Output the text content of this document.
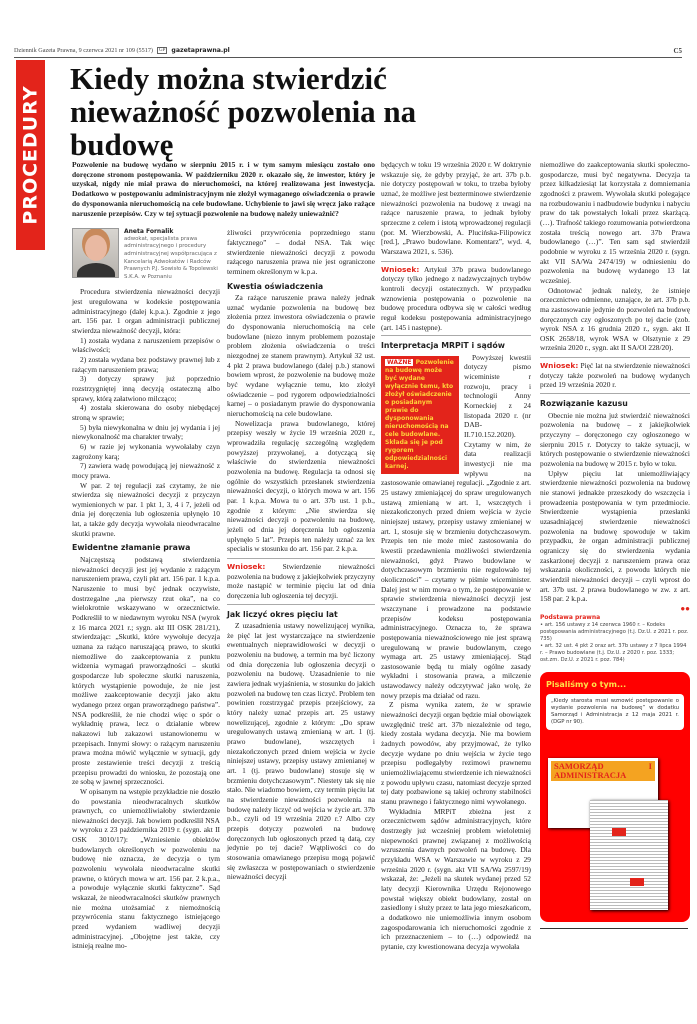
Dziennik Gazeta Prawna, 9 czerwca 2021 nr 109 (5517)	GP gazetaprawna.pl	C5
PROCEDURY
Kiedy można stwierdzić nieważność pozwolenia na budowę
Pozwolenie na budowę wydano w sierpniu 2015 r. i w tym samym miesiącu zostało ono doręczone stronom postępowania. W październiku 2020 r. okazało się, że inwestor, który je uzyskał, nigdy nie miał prawa do nieruchomości, na której realizowana jest inwestycja. Dodatkowo w postępowaniu administracyjnym nie złożył wymaganego oświadczenia o prawie do dysponowania nieruchomością na cele budowlane. Uchybienie to jawi się wręcz jako rażące naruszenie przepisów. Czy w tej sytuacji pozwolenie na budowę należy unieważnić?
Aneta Fornalik
adwokat, specjalista prawa administracyjnego i procedury administracyjnej współpracująca z Kancelarią Adwokatów i Radców Prawnych P.J. Sowisło & Topolewski S.K.A. w Poznaniu

Procedura stwierdzenia nieważności decyzji jest uregulowana w kodeksie postępowania administracyjnego (dalej k.p.a.). Zgodnie z jego art. 156 par. 1 organ administracji publicznej stwierdza nieważność decyzji, która:

1) została wydana z naruszeniem przepisów o właściwości;

2) została wydana bez podstawy prawnej lub z rażącym naruszeniem prawa;

3) dotyczy sprawy już poprzednio rozstrzygniętej inną decyzją ostateczną albo sprawy, którą załatwiono milcząco;

4) została skierowana do osoby niebędącej stroną w sprawie;

5) była niewykonalna w dniu jej wydania i jej niewykonalność ma charakter trwały;

6) w razie jej wykonania wywołałaby czyn zagrożony karą;

7) zawiera wadę powodującą jej nieważność z mocy prawa.

W par. 2 tej regulacji zaś czytamy, że nie stwierdza się nieważności decyzji z przyczyn wymienionych w par. 1 pkt 1, 3, 4 i 7, jeżeli od dnia jej doręczenia lub ogłoszenia upłynęło 10 lat, a także gdy decyzja wywołała nieodwracalne skutki prawne.

Ewidentne złamanie prawa

Najczęstszą podstawą stwierdzenia nieważności decyzji jest jej wydanie z rażącym naruszeniem prawa, czyli pkt art. 156 par. 1 k.p.a. Naruszenie to musi być jednak oczywiste, dostrzegalne „na pierwszy rzut oka”, na co wielokrotnie wskazywano w orzecznictwie. Podkreślił to w niedawnym wyroku NSA (wyrok z 16 marca 2021 r.; sygn. akt III OSK 281/21), stwierdzając: „Skutki, które wywołuje decyzja uznana za rażąco naruszającą prawo, to skutki niemożliwe do zaakceptowania z punktu widzenia wymagań praworządności – skutki gospodarcze lub społeczne skutki naruszenia, których wystąpienie powoduje, że nie jest możliwe zaakceptowanie decyzji jako aktu wydanego przez organ praworządnego państwa”. NSA podkreślił, że nie chodzi więc o spór o wykładnię prawa, lecz o działanie wbrew nakazowi lub zakazowi ustanowionemu w przepisach. Innymi słowy: o rażącym naruszeniu prawa można mówić wyłącznie w sytuacji, gdy proste zestawienie treści decyzji z treścią przepisu prowadzi do wniosku, że pozostają one ze sobą w jawnej sprzeczności.

W opisanym na wstępie przykładzie nie doszło do powstania nieodwracalnych skutków prawnych, co uniemożliwiałoby stwierdzenie nieważności decyzji. Jak bowiem podkreślił NSA w wyroku z 23 października 2019 r. (sygn. akt II OSK 3010/17): „Wzniesienie obiektów budowlanych określonych w pozwoleniu na budowę nie oznacza, że decyzja o tym pozwoleniu wywołała nieodwracalne skutki prawne, o których mowa w art. 156 par. 2 k.p.a., a powoduje wyłącznie skutki faktyczne”. Sąd wskazał, że nieodwracalności skutków prawnych nie można utożsamiać z niemożnością przywrócenia stanu faktycznego istniejącego przed wydaniem wadliwej decyzji administracyjnej. „Obojętne jest także, czy istnieją realne mo-

żliwości przywrócenia poprzedniego stanu faktycznego” – dodał NSA. Tak więc stwierdzenie nieważności decyzji z powodu rażącego naruszenia prawa nie jest ograniczone terminem określonym w k.p.a.

Kwestia oświadczenia

Za rażące naruszenie prawa należy jednak uznać wydanie pozwolenia na budowę bez złożenia przez inwestora oświadczenia o prawie do dysponowania nieruchomością na cele budowlane (niezo innym problemem pozostaje problem złożenia oświadczenia o treści niezgodnej ze stanem prawnym). Artykuł 32 ust. 4 pkt 2 prawa budowlanego (dalej p.b.) stanowi bowiem wprost, że pozwolenie na budowę może być wydane wyłącznie temu, kto złożył oświadczenie – pod rygorem odpowiedzialności karnej – o posiadanym prawie do dysponowania nieruchomością na cele budowlane.

Nowelizacja prawa budowlanego, której przepisy weszły w życie 19 września 2020 r., wprowadziła regulację szczególną względem powyższej przywołanej, a dotyczącą się właściwie do stwierdzenia nieważności pozwolenia na budowę. Regulacja ta odnosi się ogólnie do wszystkich przesłanek stwierdzenia nieważności decyzji, o których mowa w art. 156 par. 1 k.p.a. Mowa tu o art. 37b ust. 1 p.b., zgodnie z którym: „Nie stwierdza się nieważności decyzji o pozwoleniu na budowę, jeżeli od dnia jej doręczenia lub ogłoszenia upłynęło 5 lat”. Przepis ten należy uznać za lex specialis w stosunku do art. 156 par. 2 k.p.a.

Wniosek: Stwierdzenie nieważności pozwolenia na budowę z jakiejkolwiek przyczyny może nastąpić w terminie pięciu lat od dnia doręczenia lub ogłoszenia tej decyzji.
Jak liczyć okres pięciu lat

Z uzasadnienia ustawy nowelizującej wynika, że pięć lat jest wystarczające na stwierdzenie ewentualnych nieprawidłowości w decyzji o pozwoleniu na budowę, a termin ma być liczony od dnia doręczenia lub ogłoszenia decyzji o pozwoleniu na budowę. Uzasadnienie to nie zawiera jednak wyjaśnienia, w stosunku do jakich pozwoleń na budowę ten czas liczyć. Problem ten powinien rozstrzygać przepis przejściowy, za który należy uznać przepis art. 25 ustawy nowelizującej, zgodnie z którym: „Do spraw uregulowanych ustawą zmienianą w art. 1 (tj. prawo budowlane), wszczętych i niezakończonych przed dniem wejścia w życie niniejszej ustawy, przepisy ustawy zmienianej w art. 1 (tj. prawo budowlane) stosuje się w brzmieniu dotychczasowym”. Niestety tak się nie stało. Nie wiadomo bowiem, czy termin pięciu lat na stwierdzenie nieważności pozwolenia na budowę należy liczyć od wejścia w życie art. 37b p.b., czyli od 19 września 2020 r.? Albo czy przepis dotyczy pozwoleń na budowę doręczonych lub ogłoszonych przed tą datą, czy jedynie po tej dacie? Wątpliwości co do stosowania omawianego przepisu mogą pojawić się zwłaszcza w postępowaniach o stwierdzenie nieważności decyzji

będących w toku 19 września 2020 r. W doktrynie wskazuje się, że gdyby przyjąć, że art. 37b p.b. nie dotyczy postępowań w toku, to trzeba byłoby uznać, że możliwe jest bezterminowe stwierdzenie nieważności pozwolenia na budowę z uwagi na rażące naruszenie prawa, to jednak byłoby sprzeczne z celem i istotą wprowadzonej regulacji (por. M. Wierzbowski, A. Plucińska-Filipowicz [red.], „Prawo budowlane. Komentarz”, wyd. 4, Warszawa 2021, s. 536).

Wniosek: Artykuł 37b prawa budowlanego dotyczy tylko jednego z nadzwyczajnych trybów kontroli decyzji ostatecznych. W przypadku wznowienia postępowania o pozwolenie na budowę procedura odbywa się w całości według reguł kodeksu postępowania administracyjnego (art. 145 i następne).
Interpretacja MRPiT i sądów
WAŻNE Pozwolenie na budowę może być wydane wyłącznie temu, kto złożył oświadczenie o posiadanym prawie do dysponowania nieruchomością na cele budowlane. Składa się je pod rygorem odpowiedzialności karnej.

Powyższej kwestii dotyczy pismo wiceministe r rozwoju, pracy i technologii Anny Korneckiej z 24 listopada 2020 r. (nr DAB-II.710.152.2020). Czytamy w nim, że data realizacji inwestycji nie ma wpływu na zastosowanie omawianej regulacji. „Zgodnie z art. 25 ustawy zmieniającej do spraw uregulowanych ustawą zmienianą w art. 1, wszczętych i niezakończonych przed dniem wejścia w życie niniejszej ustawy, przepisy ustawy zmienianej w art. 1, stosuje się w brzmieniu dotychczasowym. Przepis ten nie może mieć zastosowania do kwestii przedawnienia możliwości stwierdzenia nieważności, gdyż Prawo budowlane w dotychczasowym brzmieniu nie regulowało tej okoliczności” – czytamy w piśmie wiceminister. Dalej jest w nim mowa o tym, że postępowanie w sprawie stwierdzenia nieważności decyzji jest wszczynane i prowadzone na podstawie przepisów kodeksu postępowania administracyjnego. Oznacza to, że sprawa postępowania nieważnościowego nie jest sprawą uregulowaną w prawie budowlanym, czego wymaga art. 25 ustawy zmieniającej. Stąd zastosowanie będą tu miały ogólne zasady wykładni i stosowania prawa, a milczenie ustawodawcy należy odczytywać jako wolę, że nowy przepis ma działać od razu.

Z pisma wynika zatem, że w sprawie nieważności decyzji organ będzie miał obowiązek uwzględnić treść art. 37b niezależnie od tego, kiedy została wydana decyzja. Nie ma bowiem żadnych powodów, aby przyjmować, że tylko decyzje wydane po dniu wejścia w życie tego przepisu podlegałyby rezimowi prawnemu uniemożliwiającemu stwierdzenie ich nieważności z powodu upływu czasu, natomiast decyzje sprzed tej daty pozbawione są takiej ochrony stabilności stanu prawnego i faktycznego nimi wywołanego.

Wykładnia MRPiT zbieżna jest z orzecznictwem sądów administracyjnych, które dostrzegły już wcześniej problem wieloletniej niepewności prawnej związanej z możliwością wzruszenia dawnych pozwoleń na budowę. Dla przykładu WSA w Warszawie w wyroku z 29 września 2020 r. (sygn. akt VII SA/Wa 2597/19) wskazał, że: „Jeżeli na skutek wydanej przed 52 laty decyzji Kierownika Urzędu Rejonowego powstał większy obiekt budowlany, został on zasiedlony i służy przez te lata jego mieszkańcom, a dodatkowo nie uniemożliwia innym osobom zagospodarowania ich nieruchomości zgodnie z ich przeznaczeniem – to (…) odpowiedź na pytanie, czy kwestionowana decyzja wywołała

niemożliwe do zaakceptowania skutki społeczno-gospodarcze, musi być negatywna. Decyzja ta przez kilkadziesiąt lat korzystała z domniemania zgodności z prawem. Wywołała skutki polegające na rozbudowaniu i nadbudowie budynku i nabyciu praw do tak powstałych lokali przez skarżącą. (…). Trafność takiego rozumowania potwierdzona została treścią nowego art. 37b Prawa budowlanego (…)”. Ten sam sąd stwierdził podobnie w wyroku z 15 września 2020 r. (sygn. akt VII SA/Wa 2474/19) w odniesieniu do pozwolenia na budowę wydanego 13 lat wcześniej.

Odnotować jednak należy, że istnieje orzecznictwo odmienne, uznające, że art. 37b p.b. ma zastosowanie jedynie do pozwoleń na budowę doręczonych czy ogłoszonych po tej dacie (zob. wyrok NSA z 16 grudnia 2020 r., sygn. akt II OSK 2658/18, wyrok WSA w Olsztynie z 29 września 2020 r., sygn. akt II SA/Ol 228/20).

Wniosek: Pięć lat na stwierdzenie nieważności dotyczy także pozwoleń na budowę wydanych przed 19 września 2020 r.
Rozwiązanie kazusu

Obecnie nie można już stwierdzić nieważności pozwolenia na budowę – z jakiejkolwiek przyczyny – doręczonego czy ogłoszonego w sierpniu 2015 r. Dotyczy to także sytuacji, w których postępowanie o stwierdzenie nieważności pozwolenia na budowę w 2015 r. było w toku.

Upływ pięciu lat uniemożliwiający stwierdzenie nieważności pozwolenia na budowę nie stanowi jednakże przeszkody do wszczęcia i prowadzenia postępowania w tym przedmiocie. Stwierdzenie wystąpienia przesłanki uzasadniającej stwierdzenie nieważności pozwolenia na budowę spowoduje w takim przypadku, że organ administracji publicznej ograniczy się do stwierdzenia wydania zaskarżonej decyzji z naruszeniem prawa oraz wskazania okoliczności, z powodu których nie stwierdził nieważności decyzji – czyli wprost do art. 37b ust. 2 prawa budowlanego w zw. z art. 158 par. 2 k.p.a.

●●
Podstawa prawna
• art. 156 ustawy z 14 czerwca 1960 r. – Kodeks postępowania administracyjnego (t.j. Dz.U. z 2021 r. poz. 735)
• art. 32 ust. 4 pkt 2 oraz art. 37b ustawy z 7 lipca 1994 r. – Prawo budowlane (t.j. Dz.U. z 2020 r. poz. 1333; ost.zm. Dz.U. z 2021 r. poz. 784)
Pisaliśmy o tym...
„Kiedy starosta musi wznowić postępowanie o wydanie pozwolenia na budowę” w dodatku Samorząd i Administracja z 12 maja 2021 r. (DGP nr 90).
SAMORZĄD I ADMINISTRACJA
